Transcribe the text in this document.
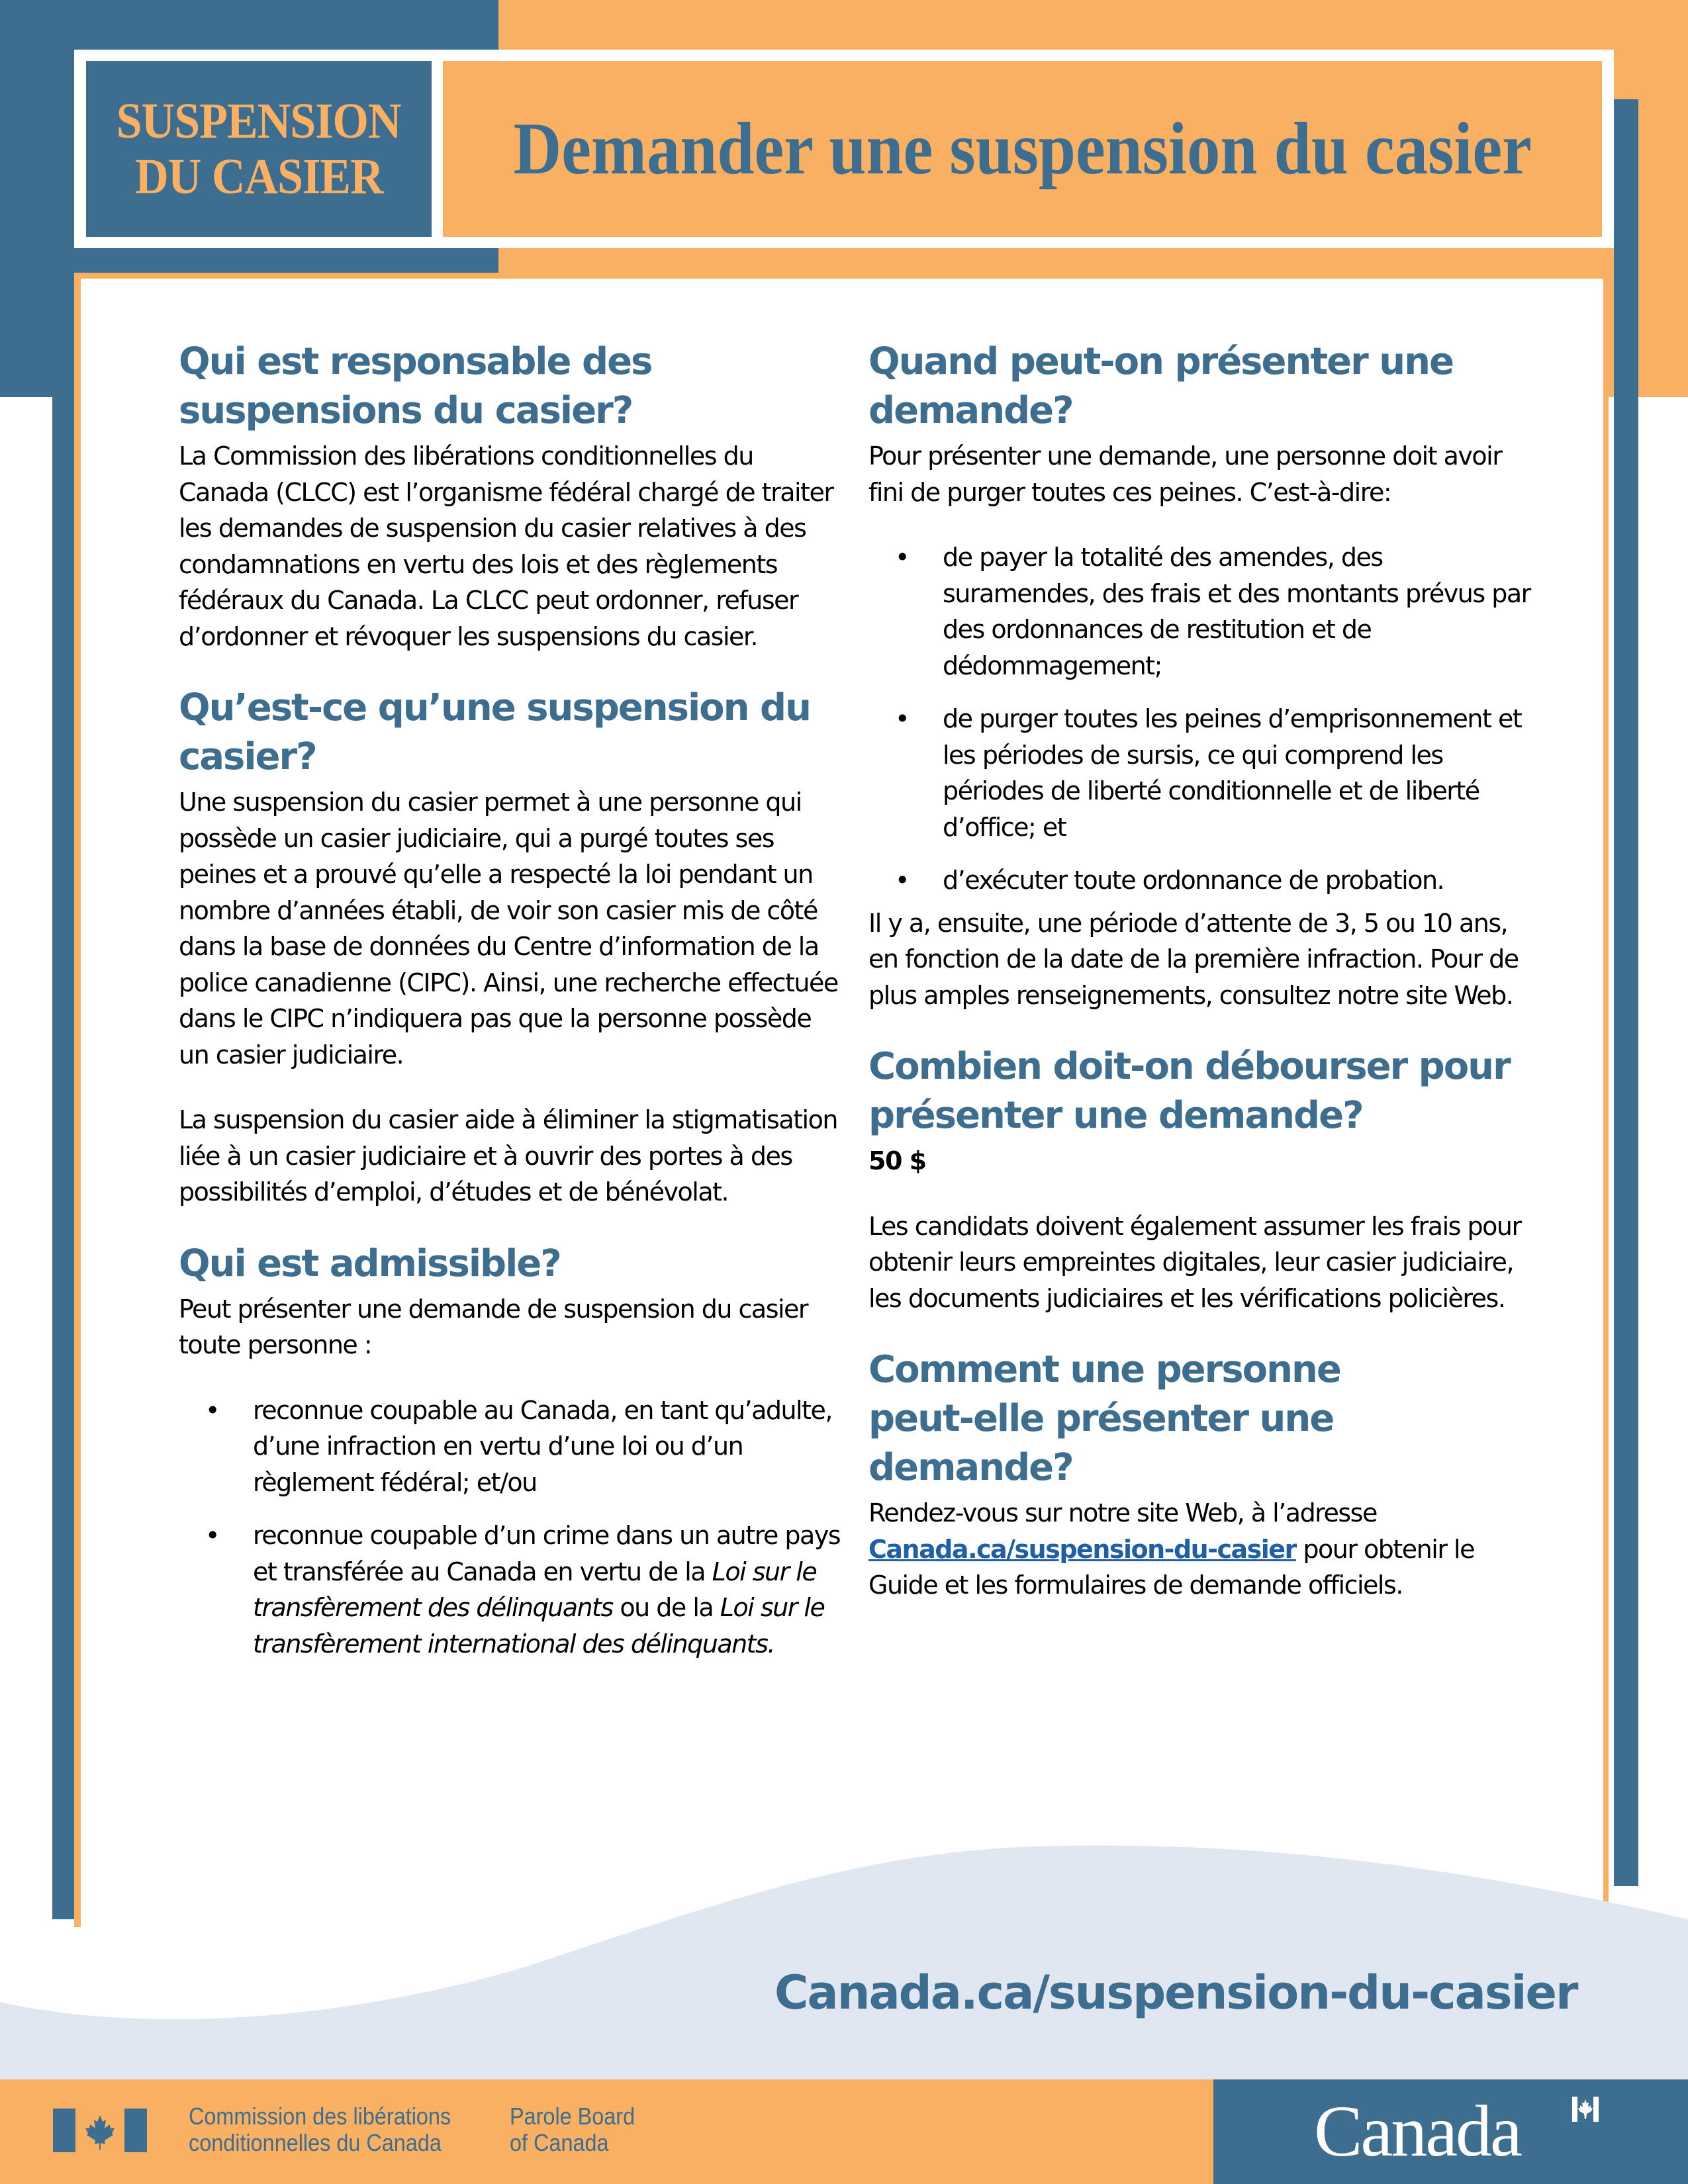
SUSPENSION
DU CASIER Demander une suspension du casier
Qui est responsable des suspensions du casier?

La Commission des libérations conditionnelles du Canada (CLCC) est l’organisme fédéral chargé de traiter les demandes de suspension du casier relatives à des condamnations en vertu des lois et des règlements fédéraux du Canada. La CLCC peut ordonner, refuser d’ordonner et révoquer les suspensions du casier.

Qu’est-ce qu’une suspension du casier?

Une suspension du casier permet à une personne qui possède un casier judiciaire, qui a purgé toutes ses peines et a prouvé qu’elle a respecté la loi pendant un nombre d’années établi, de voir son casier mis de côté dans la base de données du Centre d’information de la police canadienne (CIPC). Ainsi, une recherche effectuée dans le CIPC n’indiquera pas que la personne possède un casier judiciaire.

La suspension du casier aide à éliminer la stigmatisation liée à un casier judiciaire et à ouvrir des portes à des possibilités d’emploi, d’études et de bénévolat.

Qui est admissible?

Peut présenter une demande de suspension du casier toute personne :

• reconnue coupable au Canada, en tant qu’adulte, d’une infraction en vertu d’une loi ou d’un règlement fédéral; et/ou
• reconnue coupable d’un crime dans un autre pays et transférée au Canada en vertu de la Loi sur le transfèrement des délinquants ou de la Loi sur le transfèrement international des délinquants.
Quand peut-on présenter une demande?

Pour présenter une demande, une personne doit avoir fini de purger toutes ces peines. C’est-à-dire:

• de payer la totalité des amendes, des suramendes, des frais et des montants prévus par des ordonnances de restitution et de dédommagement;
• de purger toutes les peines d’emprisonnement et les périodes de sursis, ce qui comprend les périodes de liberté conditionnelle et de liberté d’office; et
• d’exécuter toute ordonnance de probation.

Il y a, ensuite, une période d’attente de 3, 5 ou 10 ans, en fonction de la date de la première infraction. Pour de plus amples renseignements, consultez notre site Web.

Combien doit-on débourser pour présenter une demande?

50 $

Les candidats doivent également assumer les frais pour obtenir leurs empreintes digitales, leur casier judiciaire, les documents judiciaires et les vérifications policières.

Comment une personne peut-elle présenter une demande?

Rendez-vous sur notre site Web, à l’adresse Canada.ca/suspension-du-casier pour obtenir le Guide et les formulaires de demande officiels.

Canada.ca/suspension-du-casier
Commission des libérations
conditionnelles du Canada
Parole Board
of Canada	Canada
